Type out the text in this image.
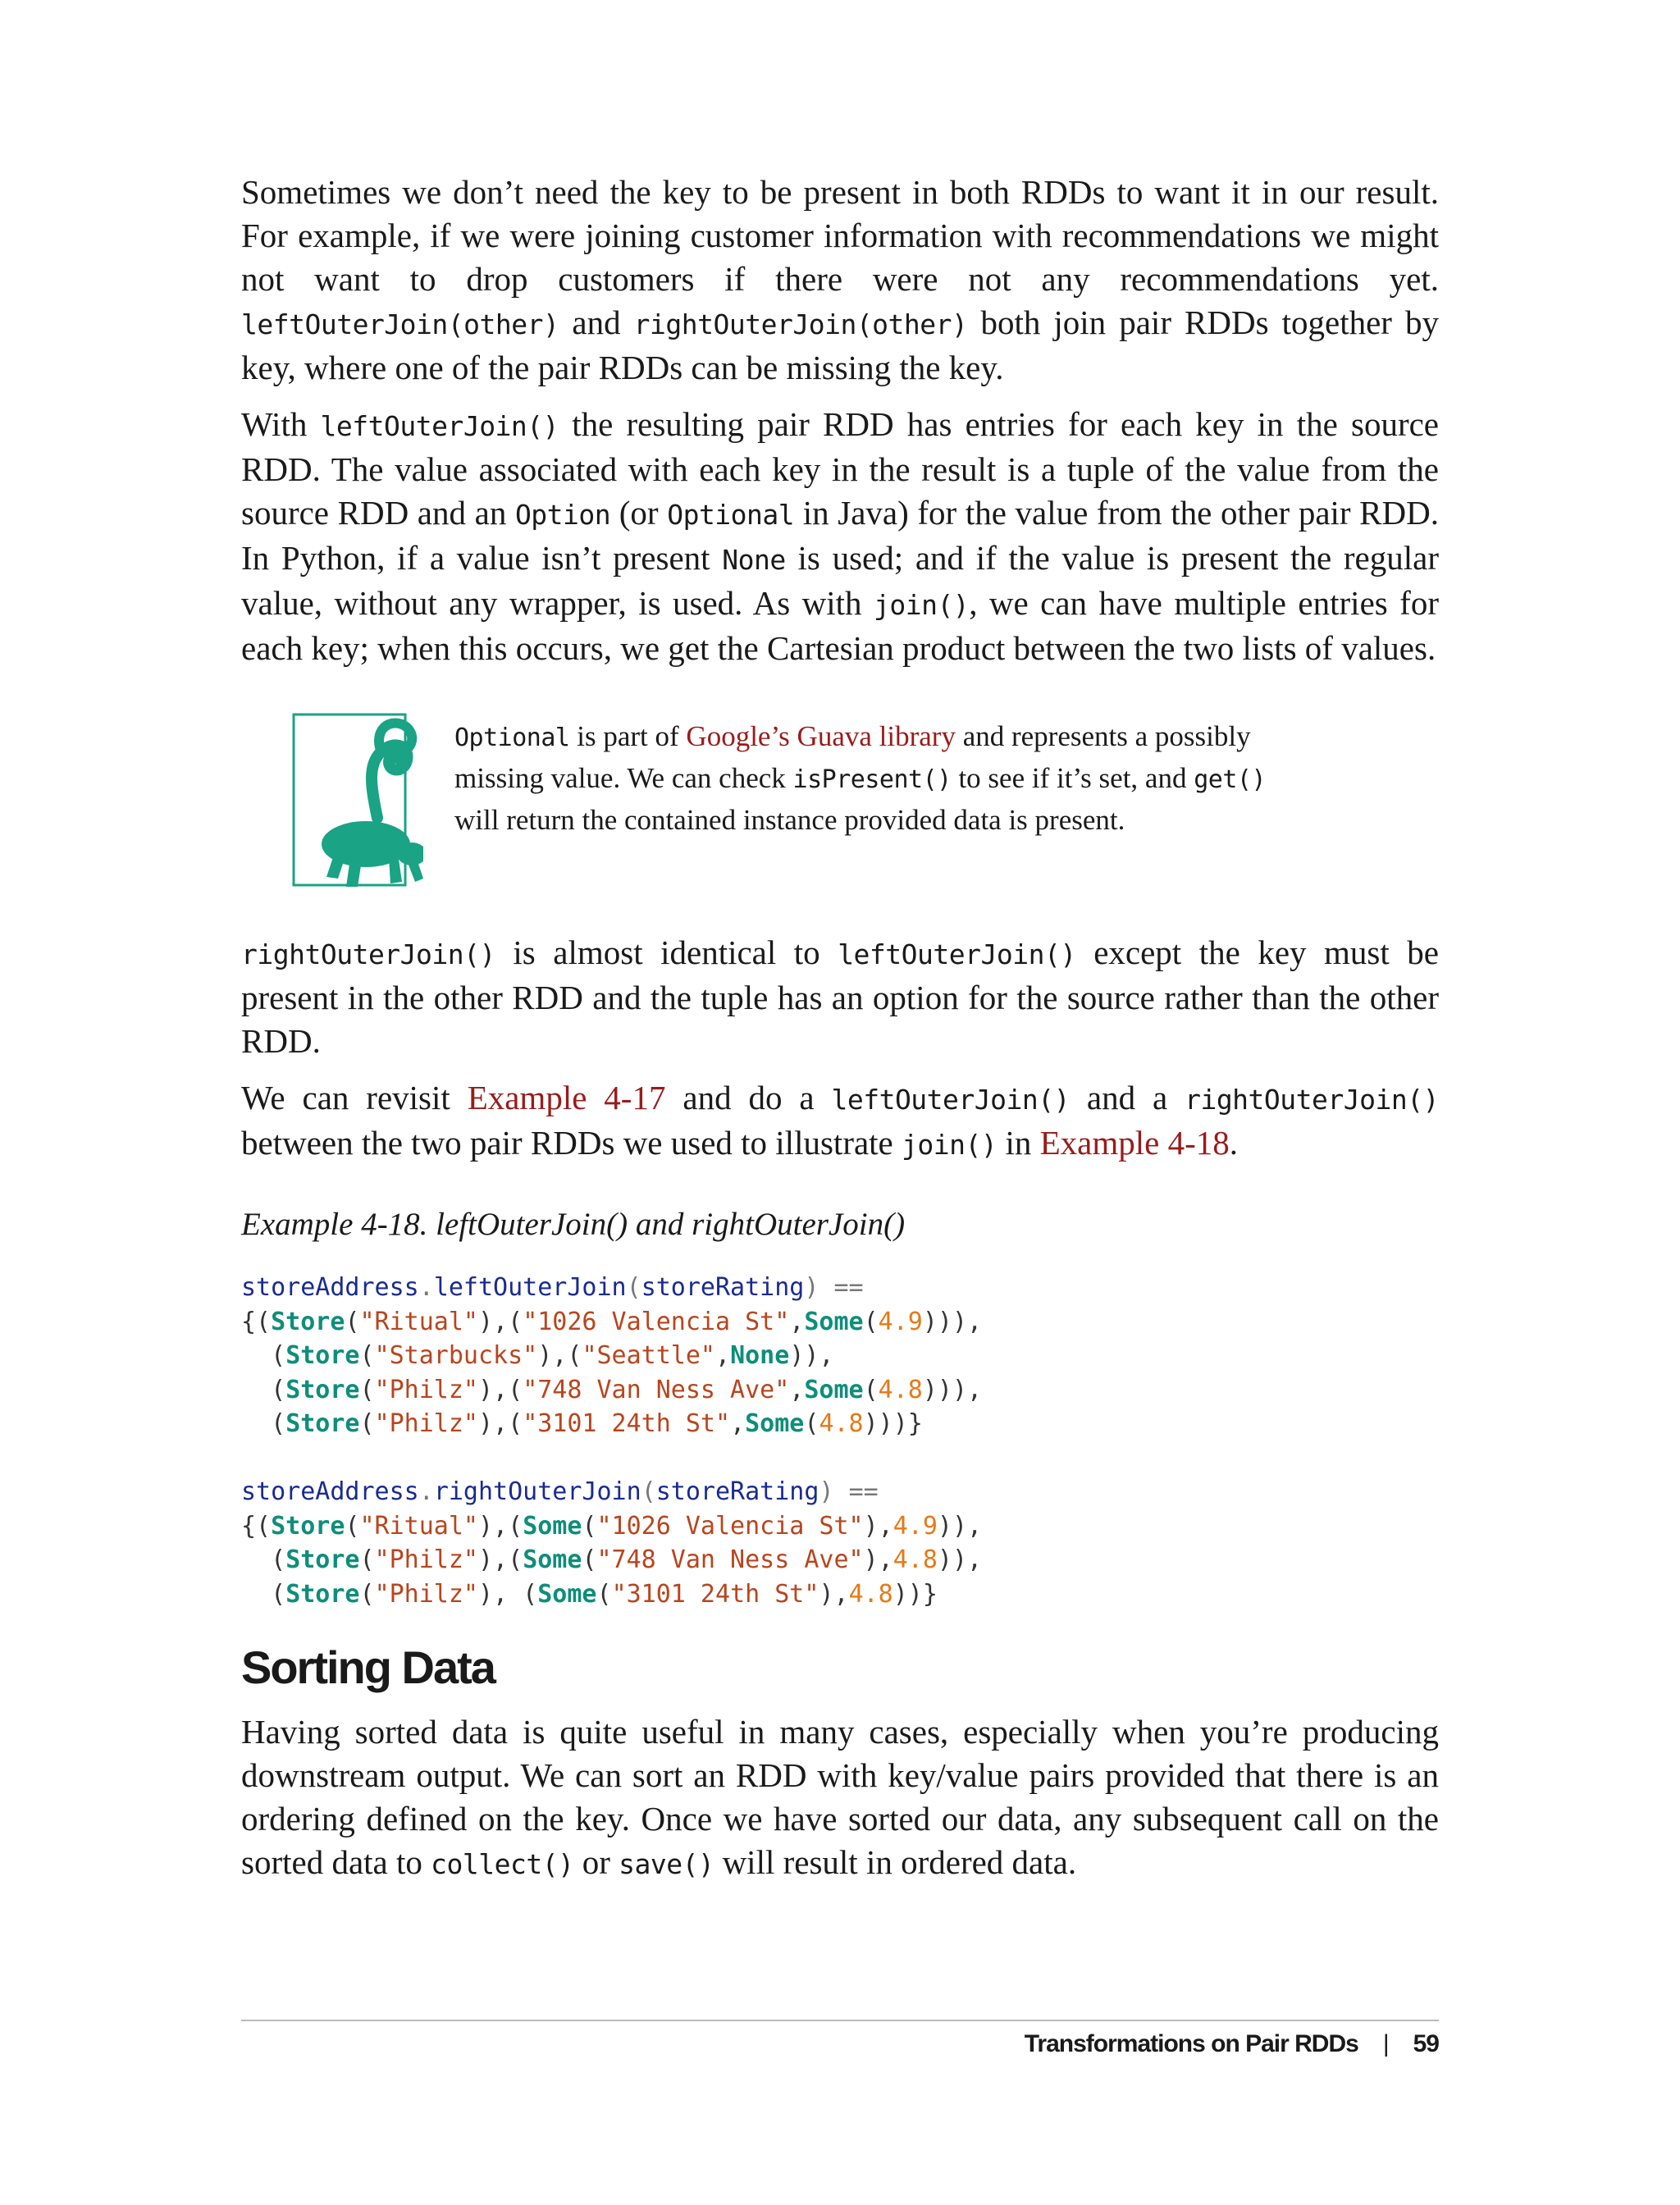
Sometimes we don’t need the key to be present in both RDDs to want it in our result. For example, if we were joining customer information with recommendations we might not want to drop customers if there were not any recommendations yet. leftOuterJoin(other) and rightOuterJoin(other) both join pair RDDs together by key, where one of the pair RDDs can be missing the key.

With leftOuterJoin() the resulting pair RDD has entries for each key in the source RDD. The value associated with each key in the result is a tuple of the value from the source RDD and an Option (or Optional in Java) for the value from the other pair RDD. In Python, if a value isn’t present None is used; and if the value is present the regular value, without any wrapper, is used. As with join(), we can have multiple entries for each key; when this occurs, we get the Cartesian product between the two lists of values.

Optional is part of Google’s Guava library and represents a possibly missing value. We can check isPresent() to see if it’s set, and get() will return the contained instance provided data is present.

rightOuterJoin() is almost identical to leftOuterJoin() except the key must be present in the other RDD and the tuple has an option for the source rather than the other RDD.

We can revisit Example 4-17 and do a leftOuterJoin() and a rightOuterJoin() between the two pair RDDs we used to illustrate join() in Example 4-18.

Example 4-18. leftOuterJoin() and rightOuterJoin()
storeAddress.leftOuterJoin(storeRating) ==
{(Store("Ritual"),("1026 Valencia St",Some(4.9))),
(Store("Starbucks"),("Seattle",None)),
(Store("Philz"),("748 Van Ness Ave",Some(4.8))),
(Store("Philz"),("3101 24th St",Some(4.8)))}

storeAddress.rightOuterJoin(storeRating) ==
{(Store("Ritual"),(Some("1026 Valencia St"),4.9)),
(Store("Philz"),(Some("748 Van Ness Ave"),4.8)),
(Store("Philz"), (Some("3101 24th St"),4.8))}
Sorting Data

Having sorted data is quite useful in many cases, especially when you’re producing downstream output. We can sort an RDD with key/value pairs provided that there is an ordering defined on the key. Once we have sorted our data, any subsequent call on the sorted data to collect() or save() will result in ordered data.

Transformations on Pair RDDs | 59
